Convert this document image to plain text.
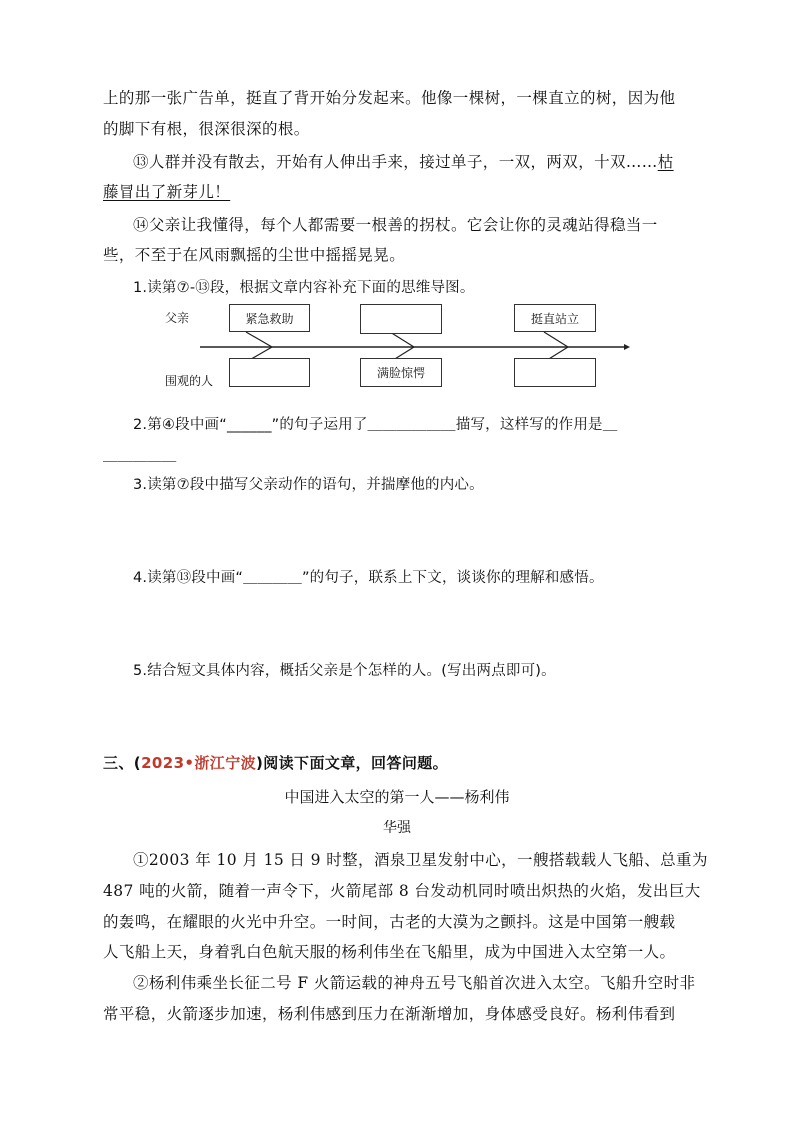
上的那一张广告单，挺直了背开始分发起来。他像一棵树，一棵直立的树，因为他
的脚下有根，很深很深的根。
⑬人群并没有散去，开始有人伸出手来，接过单子，一双，两双，十双……枯
藤冒出了新芽儿！
⑭父亲让我懂得，每个人都需要一根善的拐杖。它会让你的灵魂站得稳当一
些，不至于在风雨飘摇的尘世中摇摇晃晃。
1.读第⑦-⑬段，根据文章内容补充下面的思维导图。
父亲
围观的人
紧急救助	挺直站立
满脸惊愕
2.第④段中画“______”的句子运用了＿＿＿＿＿＿描写，这样写的作用是＿
＿＿＿＿＿
3.读第⑦段中描写父亲动作的语句，并揣摩他的内心。
4.读第⑬段中画“＿＿＿＿”的句子，联系上下文，谈谈你的理解和感悟。
5.结合短文具体内容，概括父亲是个怎样的人。(写出两点即可)。
三、(2023•浙江宁波)阅读下面文章，回答问题。
中国进入太空的第一人——杨利伟
华强
①2003 年 10 月 15 日 9 时整，酒泉卫星发射中心，一艘搭载载人飞船、总重为
487 吨的火箭，随着一声令下，火箭尾部 8 台发动机同时喷出炽热的火焰，发出巨大
的轰鸣，在耀眼的火光中升空。一时间，古老的大漠为之颤抖。这是中国第一艘载
人飞船上天，身着乳白色航天服的杨利伟坐在飞船里，成为中国进入太空第一人。
②杨利伟乘坐长征二号 F 火箭运载的神舟五号飞船首次进入太空。飞船升空时非
常平稳，火箭逐步加速，杨利伟感到压力在渐渐增加，身体感受良好。杨利伟看到
